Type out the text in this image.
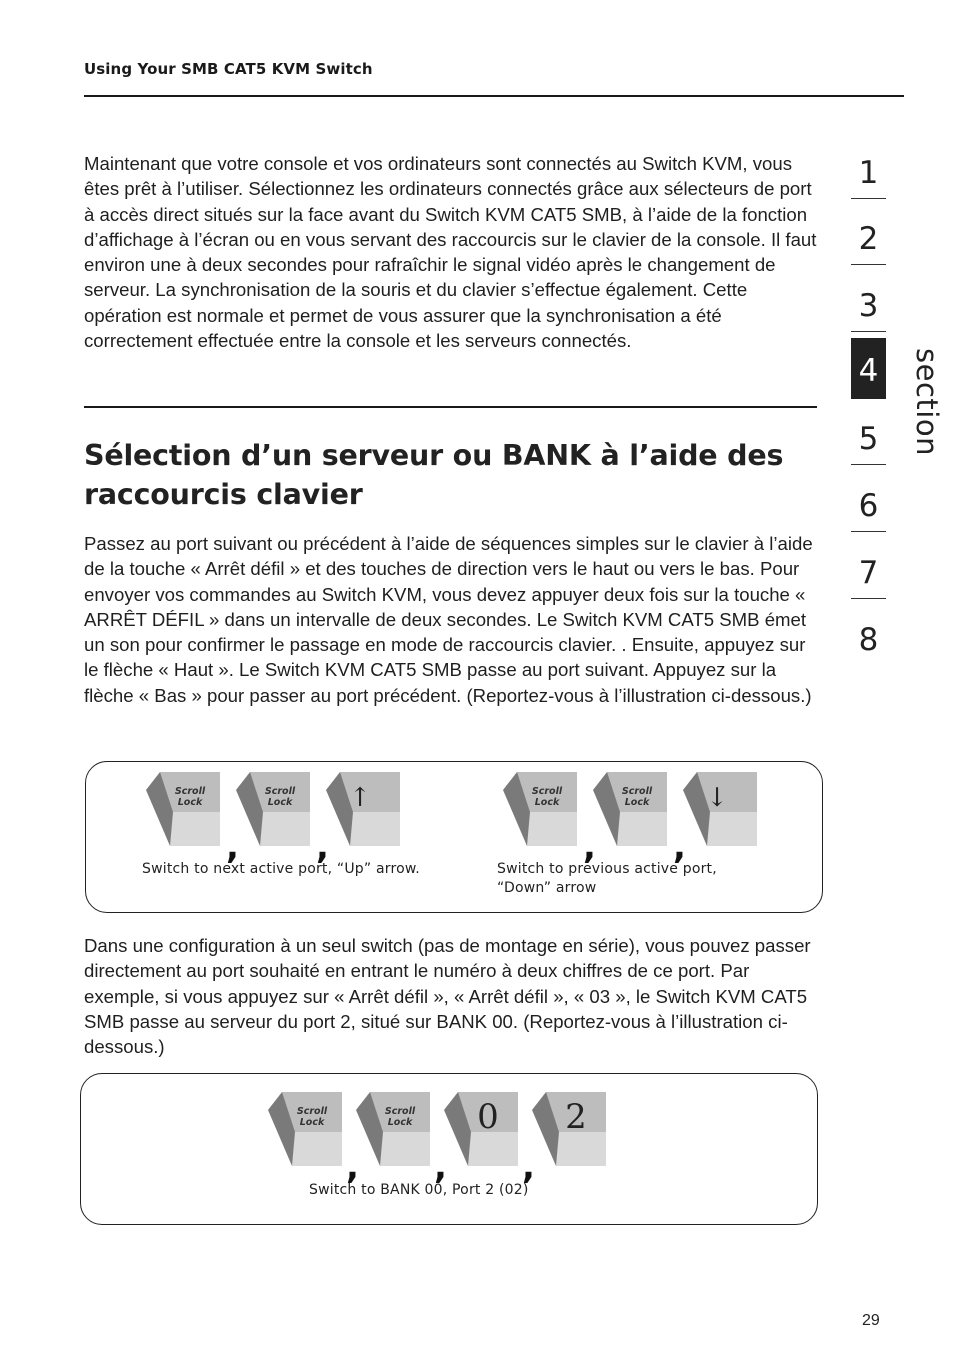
Using Your SMB CAT5 KVM Switch

Maintenant que votre console et vos ordinateurs sont connectés au Switch KVM, vous êtes prêt à l’utiliser. Sélectionnez les ordinateurs connectés grâce aux sélecteurs de port à accès direct situés sur la face avant du Switch KVM CAT5 SMB, à l’aide de la fonction d’affichage à l’écran ou en vous servant des raccourcis sur le clavier de la console. Il faut environ une à deux secondes pour rafraîchir le signal vidéo après le changement de serveur. La synchronisation de la souris et du clavier s’effectue également. Cette opération est normale et permet de vous assurer que la synchronisation a été correctement effectuée entre la console et les serveurs connectés.

Sélection d’un serveur ou BANK à l’aide des raccourcis clavier

Passez au port suivant ou précédent à l’aide de séquences simples sur le clavier à l’aide de la touche « Arrêt défil » et des touches de direction vers le haut ou vers le bas. Pour envoyer vos commandes au Switch KVM, vous devez appuyer deux fois sur la touche « ARRÊT DÉFIL » dans un intervalle de deux secondes. Le Switch KVM CAT5 SMB émet un son pour confirmer le passage en mode de raccourcis clavier. . Ensuite, appuyez sur le flèche « Haut ». Le Switch KVM CAT5 SMB passe au port suivant. Appuyez sur la flèche « Bas » pour passer au port précédent. (Reportez-vous à l’illustration ci-dessous.)

Scroll
Lock
,
Scroll
Lock
,
↑
Switch to next active port, “Up” arrow.
Scroll
Lock
,
Scroll
Lock
,
↓
Switch to previous active port,
“Down” arrow

Dans une configuration à un seul switch (pas de montage en série), vous pouvez passer directement au port souhaité en entrant le numéro à deux chiffres de ce port. Par exemple, si vous appuyez sur « Arrêt défil », « Arrêt défil », « 03 », le Switch KVM CAT5 SMB passe au serveur du port 2, situé sur BANK 00. (Reportez-vous à l’illustration ci-dessous.)

Scroll
Lock
,
Scroll
Lock
,
0
,
2
Switch to BANK 00, Port 2 (02)
1
2
3
4
5
6
7
8
section
29
